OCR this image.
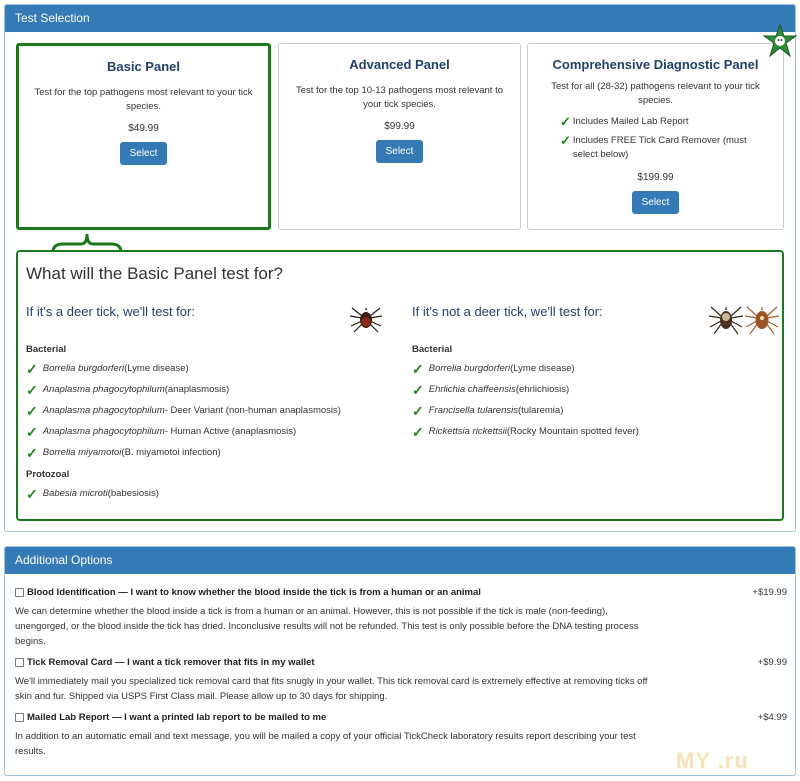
Test Selection
Basic Panel
Test for the top pathogens most relevant to your tick species.
$49.99
Select
Advanced Panel
Test for the top 10-13 pathogens most relevant to your tick species.
$99.99
Select
Comprehensive Diagnostic Panel
Test for all (28-32) pathogens relevant to your tick species.
✓ Includes Mailed Lab Report
✓ Includes FREE Tick Card Remover (must select below)
$199.99
Select
What will the Basic Panel test for?
If it's a deer tick, we'll test for:
Bacterial
✓ Borrelia burgdorferi (Lyme disease)
✓ Anaplasma phagocytophilum (anaplasmosis)
✓ Anaplasma phagocytophilum - Deer Variant (non-human anaplasmosis)
✓ Anaplasma phagocytophilum - Human Active (anaplasmosis)
✓ Borrelia miyamotoi (B. miyamotoi infection)
Protozoal
✓ Babesia microti (babesiosis)
If it's not a deer tick, we'll test for:
Bacterial
✓ Borrelia burgdorferi (Lyme disease)
✓ Ehrlichia chaffeensis (ehrlichiosis)
✓ Francisella tularensis (tularemia)
✓ Rickettsia rickettsii (Rocky Mountain spotted fever)
Additional Options
Blood Identification — I want to know whether the blood inside the tick is from a human or an animal	+$19.99
We can determine whether the blood inside a tick is from a human or an animal. However, this is not possible if the tick is male (non-feeding), unengorged, or the blood inside the tick has dried. Inconclusive results will not be refunded. This test is only possible before the DNA testing process begins.
Tick Removal Card — I want a tick remover that fits in my wallet	+$9.99
We'll immediately mail you specialized tick removal card that fits snugly in your wallet. This tick removal card is extremely effective at removing ticks off skin and fur. Shipped via USPS First Class mail. Please allow up to 30 days for shipping.
Mailed Lab Report — I want a printed lab report to be mailed to me	+$4.99
In addition to an automatic email and text message, you will be mailed a copy of your official TickCheck laboratory results report describing your test results.	MY .ru
